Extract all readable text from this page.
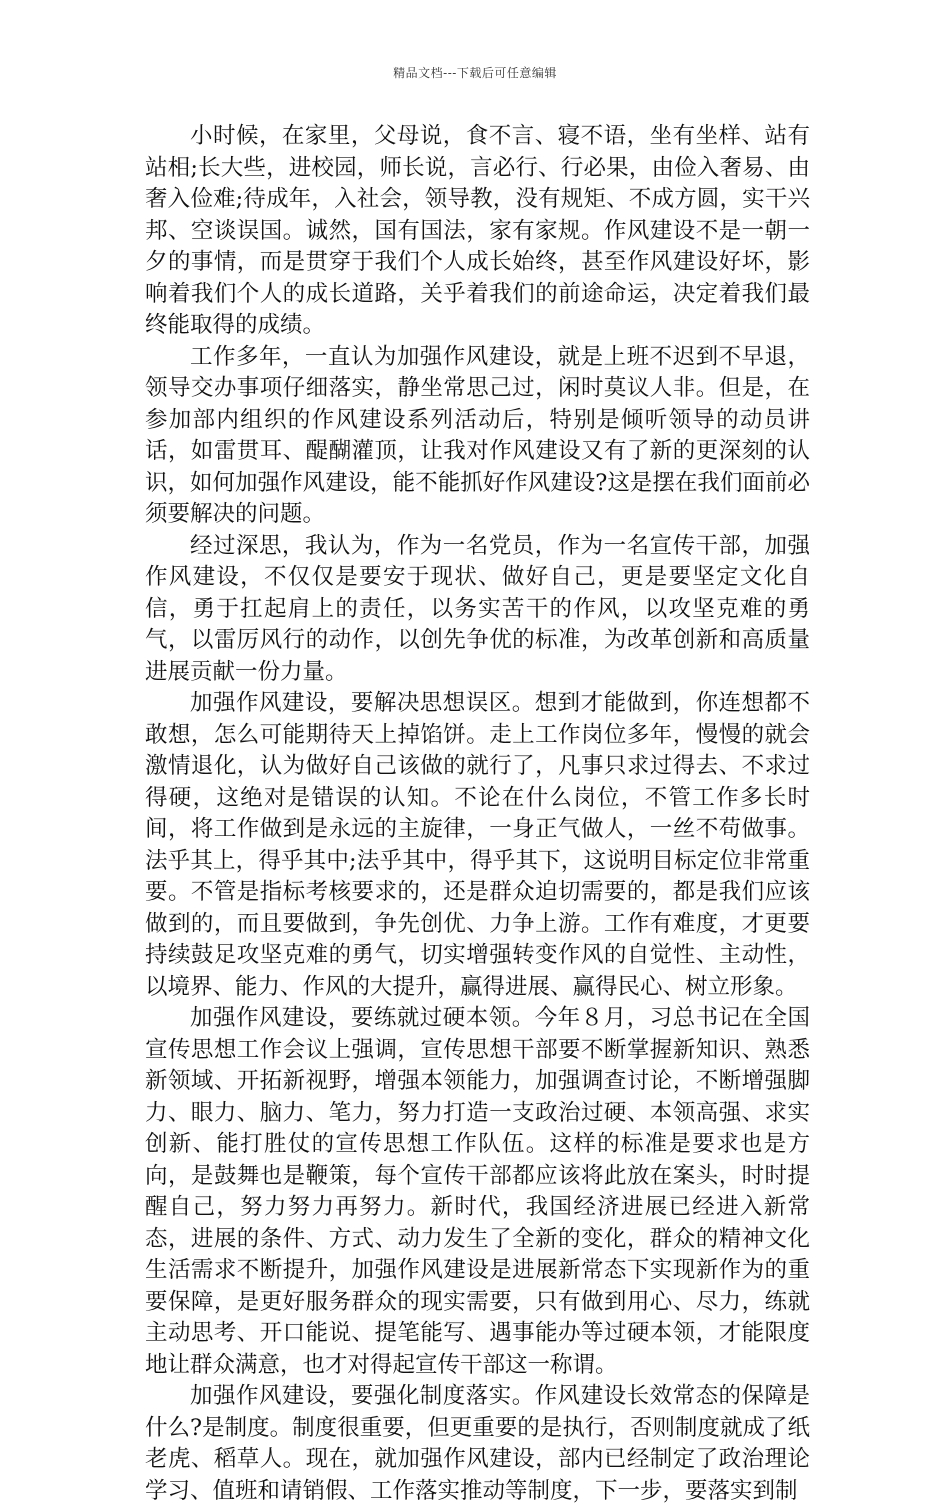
精品文档---下载后可任意编辑

小时候，在家里，父母说，食不言、寝不语，坐有坐样、站有站相;长大些，进校园，师长说，言必行、行必果，由俭入奢易、由奢入俭难;待成年，入社会，领导教，没有规矩、不成方圆，实干兴邦、空谈误国。诚然，国有国法，家有家规。作风建设不是一朝一夕的事情，而是贯穿于我们个人成长始终，甚至作风建设好坏，影响着我们个人的成长道路，关乎着我们的前途命运，决定着我们最终能取得的成绩。

工作多年，一直认为加强作风建设，就是上班不迟到不早退，领导交办事项仔细落实，静坐常思己过，闲时莫议人非。但是，在参加部内组织的作风建设系列活动后，特别是倾听领导的动员讲话，如雷贯耳、醍醐灌顶，让我对作风建设又有了新的更深刻的认识，如何加强作风建设，能不能抓好作风建设?这是摆在我们面前必须要解决的问题。

经过深思，我认为，作为一名党员，作为一名宣传干部，加强作风建设，不仅仅是要安于现状、做好自己，更是要坚定文化自信，勇于扛起肩上的责任，以务实苦干的作风，以攻坚克难的勇气，以雷厉风行的动作，以创先争优的标准，为改革创新和高质量进展贡献一份力量。

加强作风建设，要解决思想误区。想到才能做到，你连想都不敢想，怎么可能期待天上掉馅饼。走上工作岗位多年，慢慢的就会激情退化，认为做好自己该做的就行了，凡事只求过得去、不求过得硬，这绝对是错误的认知。不论在什么岗位，不管工作多长时间，将工作做到是永远的主旋律，一身正气做人，一丝不苟做事。法乎其上，得乎其中;法乎其中，得乎其下，这说明目标定位非常重要。不管是指标考核要求的，还是群众迫切需要的，都是我们应该做到的，而且要做到，争先创优、力争上游。工作有难度，才更要持续鼓足攻坚克难的勇气，切实增强转变作风的自觉性、主动性，以境界、能力、作风的大提升，赢得进展、赢得民心、树立形象。

加强作风建设，要练就过硬本领。今年８月，习总书记在全国宣传思想工作会议上强调，宣传思想干部要不断掌握新知识、熟悉新领域、开拓新视野，增强本领能力，加强调查讨论，不断增强脚力、眼力、脑力、笔力，努力打造一支政治过硬、本领高强、求实创新、能打胜仗的宣传思想工作队伍。这样的标准是要求也是方向，是鼓舞也是鞭策，每个宣传干部都应该将此放在案头，时时提醒自己，努力努力再努力。新时代，我国经济进展已经进入新常态，进展的条件、方式、动力发生了全新的变化，群众的精神文化生活需求不断提升，加强作风建设是进展新常态下实现新作为的重要保障，是更好服务群众的现实需要，只有做到用心、尽力，练就主动思考、开口能说、提笔能写、遇事能办等过硬本领，才能限度地让群众满意，也才对得起宣传干部这一称谓。

加强作风建设，要强化制度落实。作风建设长效常态的保障是什么?是制度。制度很重要，但更重要的是执行，否则制度就成了纸老虎、稻草人。现在，就加强作风建设，部内已经制定了政治理论学习、值班和请销假、工作落实推动等制度，下一步，要落实到制
